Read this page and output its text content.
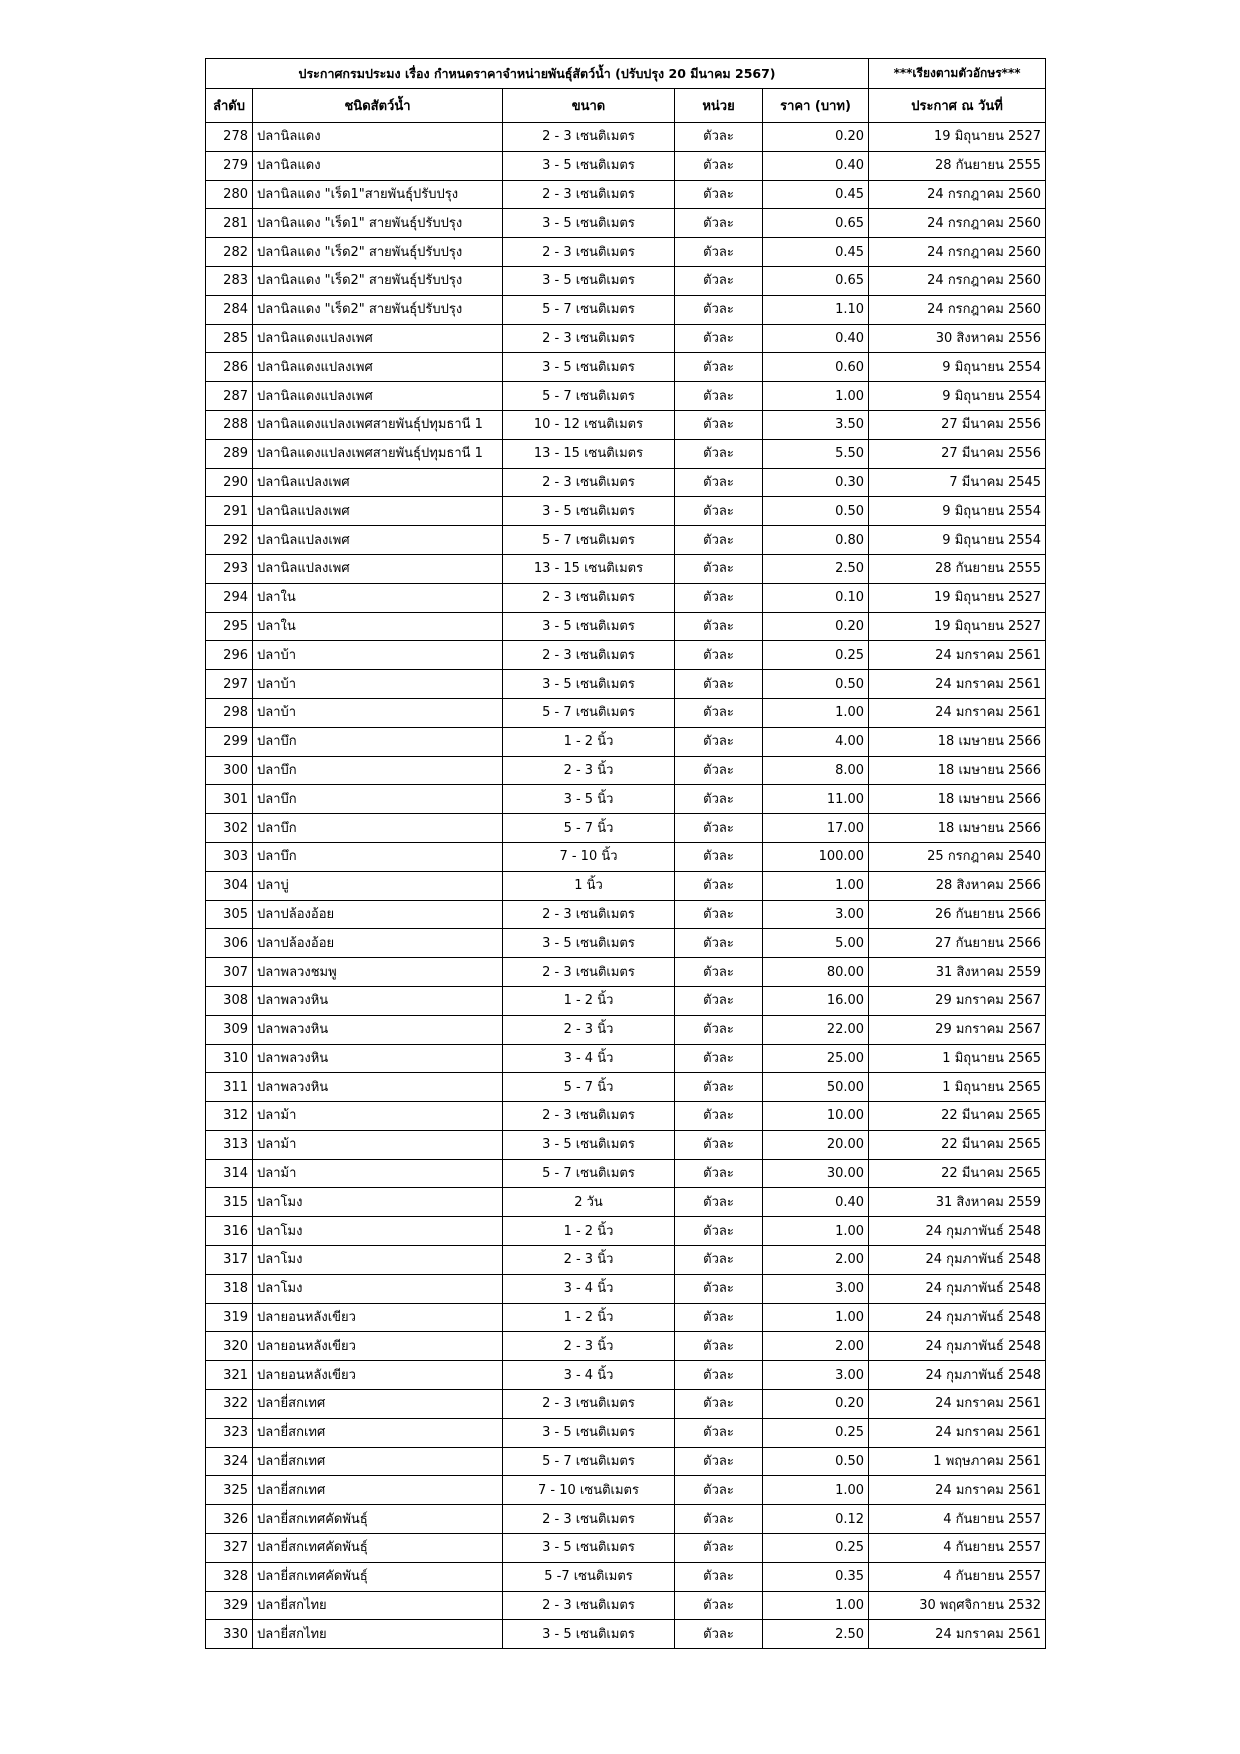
ประกาศกรมประมง เรื่อง กำหนดราคาจำหน่ายพันธุ์สัตว์น้ำ (ปรับปรุง 20 มีนาคม 2567)					***เรียงตามตัวอักษร***
ลำดับ	ชนิดสัตว์น้ำ	ขนาด	หน่วย	ราคา (บาท)	ประกาศ ณ วันที่
278	ปลานิลแดง	2 - 3 เซนติเมตร	ตัวละ	0.20	19 มิถุนายน 2527
279	ปลานิลแดง	3 - 5 เซนติเมตร	ตัวละ	0.40	28 กันยายน 2555
280	ปลานิลแดง "เร็ด1"สายพันธุ์ปรับปรุง	2 - 3 เซนติเมตร	ตัวละ	0.45	24 กรกฎาคม 2560
281	ปลานิลแดง "เร็ด1" สายพันธุ์ปรับปรุง	3 - 5 เซนติเมตร	ตัวละ	0.65	24 กรกฎาคม 2560
282	ปลานิลแดง "เร็ด2" สายพันธุ์ปรับปรุง	2 - 3 เซนติเมตร	ตัวละ	0.45	24 กรกฎาคม 2560
283	ปลานิลแดง "เร็ด2" สายพันธุ์ปรับปรุง	3 - 5 เซนติเมตร	ตัวละ	0.65	24 กรกฎาคม 2560
284	ปลานิลแดง "เร็ด2" สายพันธุ์ปรับปรุง	5 - 7 เซนติเมตร	ตัวละ	1.10	24 กรกฎาคม 2560
285	ปลานิลแดงแปลงเพศ	2 - 3 เซนติเมตร	ตัวละ	0.40	30 สิงหาคม 2556
286	ปลานิลแดงแปลงเพศ	3 - 5 เซนติเมตร	ตัวละ	0.60	9 มิถุนายน 2554
287	ปลานิลแดงแปลงเพศ	5 - 7 เซนติเมตร	ตัวละ	1.00	9 มิถุนายน 2554
288	ปลานิลแดงแปลงเพศสายพันธุ์ปทุมธานี 1	10 - 12 เซนติเมตร	ตัวละ	3.50	27 มีนาคม 2556
289	ปลานิลแดงแปลงเพศสายพันธุ์ปทุมธานี 1	13 - 15 เซนติเมตร	ตัวละ	5.50	27 มีนาคม 2556
290	ปลานิลแปลงเพศ	2 - 3 เซนติเมตร	ตัวละ	0.30	7 มีนาคม 2545
291	ปลานิลแปลงเพศ	3 - 5 เซนติเมตร	ตัวละ	0.50	9 มิถุนายน 2554
292	ปลานิลแปลงเพศ	5 - 7 เซนติเมตร	ตัวละ	0.80	9 มิถุนายน 2554
293	ปลานิลแปลงเพศ	13 - 15 เซนติเมตร	ตัวละ	2.50	28 กันยายน 2555
294	ปลาใน	2 - 3 เซนติเมตร	ตัวละ	0.10	19 มิถุนายน 2527
295	ปลาใน	3 - 5 เซนติเมตร	ตัวละ	0.20	19 มิถุนายน 2527
296	ปลาบ้า	2 - 3 เซนติเมตร	ตัวละ	0.25	24 มกราคม 2561
297	ปลาบ้า	3 - 5 เซนติเมตร	ตัวละ	0.50	24 มกราคม 2561
298	ปลาบ้า	5 - 7 เซนติเมตร	ตัวละ	1.00	24 มกราคม 2561
299	ปลาบึก	1 - 2 นิ้ว	ตัวละ	4.00	18 เมษายน 2566
300	ปลาบึก	2 - 3 นิ้ว	ตัวละ	8.00	18 เมษายน 2566
301	ปลาบึก	3 - 5 นิ้ว	ตัวละ	11.00	18 เมษายน 2566
302	ปลาบึก	5 - 7 นิ้ว	ตัวละ	17.00	18 เมษายน 2566
303	ปลาบึก	7 - 10 นิ้ว	ตัวละ	100.00	25 กรกฎาคม 2540
304	ปลาบู่	1 นิ้ว	ตัวละ	1.00	28 สิงหาคม 2566
305	ปลาปล้องอ้อย	2 - 3 เซนติเมตร	ตัวละ	3.00	26 กันยายน 2566
306	ปลาปล้องอ้อย	3 - 5 เซนติเมตร	ตัวละ	5.00	27 กันยายน 2566
307	ปลาพลวงชมพู	2 - 3 เซนติเมตร	ตัวละ	80.00	31 สิงหาคม 2559
308	ปลาพลวงหิน	1 - 2 นิ้ว	ตัวละ	16.00	29 มกราคม 2567
309	ปลาพลวงหิน	2 - 3 นิ้ว	ตัวละ	22.00	29 มกราคม 2567
310	ปลาพลวงหิน	3 - 4 นิ้ว	ตัวละ	25.00	1 มิถุนายน 2565
311	ปลาพลวงหิน	5 - 7 นิ้ว	ตัวละ	50.00	1 มิถุนายน 2565
312	ปลาม้า	2 - 3 เซนติเมตร	ตัวละ	10.00	22 มีนาคม 2565
313	ปลาม้า	3 - 5 เซนติเมตร	ตัวละ	20.00	22 มีนาคม 2565
314	ปลาม้า	5 - 7 เซนติเมตร	ตัวละ	30.00	22 มีนาคม 2565
315	ปลาโมง	2 วัน	ตัวละ	0.40	31 สิงหาคม 2559
316	ปลาโมง	1 - 2 นิ้ว	ตัวละ	1.00	24 กุมภาพันธ์ 2548
317	ปลาโมง	2 - 3 นิ้ว	ตัวละ	2.00	24 กุมภาพันธ์ 2548
318	ปลาโมง	3 - 4 นิ้ว	ตัวละ	3.00	24 กุมภาพันธ์ 2548
319	ปลายอนหลังเขียว	1 - 2 นิ้ว	ตัวละ	1.00	24 กุมภาพันธ์ 2548
320	ปลายอนหลังเขียว	2 - 3 นิ้ว	ตัวละ	2.00	24 กุมภาพันธ์ 2548
321	ปลายอนหลังเขียว	3 - 4 นิ้ว	ตัวละ	3.00	24 กุมภาพันธ์ 2548
322	ปลายี่สกเทศ	2 - 3 เซนติเมตร	ตัวละ	0.20	24 มกราคม 2561
323	ปลายี่สกเทศ	3 - 5 เซนติเมตร	ตัวละ	0.25	24 มกราคม 2561
324	ปลายี่สกเทศ	5 - 7 เซนติเมตร	ตัวละ	0.50	1 พฤษภาคม 2561
325	ปลายี่สกเทศ	7 - 10 เซนติเมตร	ตัวละ	1.00	24 มกราคม 2561
326	ปลายี่สกเทศคัดพันธุ์	2 - 3 เซนติเมตร	ตัวละ	0.12	4 กันยายน 2557
327	ปลายี่สกเทศคัดพันธุ์	3 - 5 เซนติเมตร	ตัวละ	0.25	4 กันยายน 2557
328	ปลายี่สกเทศคัดพันธุ์	5 -7 เซนติเมตร	ตัวละ	0.35	4 กันยายน 2557
329	ปลายี่สกไทย	2 - 3 เซนติเมตร	ตัวละ	1.00	30 พฤศจิกายน 2532
330	ปลายี่สกไทย	3 - 5 เซนติเมตร	ตัวละ	2.50	24 มกราคม 2561
